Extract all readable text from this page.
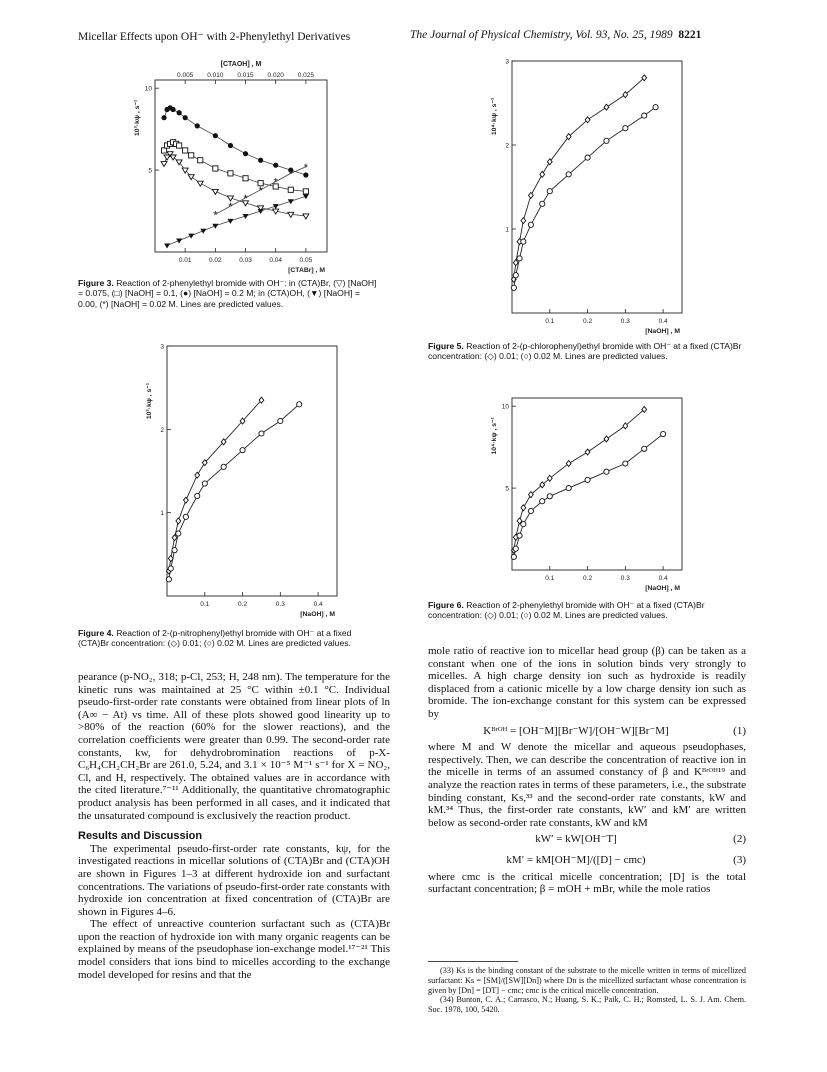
Micellar Effects upon OH⁻ with 2-Phenylethyl Derivatives	The Journal of Physical Chemistry, Vol. 93, No. 25, 1989 8221
0.01	0.02	0.03	0.04	0.05
5
10
0.005 0.010 0.015 0.020 0.025
[CTAOH] , M
[CTABr] , M
10³·kψ , s⁻¹
*
*
*
*
*
*
*
Figure 3. Reaction of 2-phenylethyl bromide with OH⁻: in (CTA)Br, (▽) [NaOH] = 0.075, (□) [NaOH] = 0.1, (●) [NaOH] = 0.2 M; in (CTA)OH, (▼) [NaOH] = 0.00, (*) [NaOH] = 0.02 M. Lines are predicted values.
0.1	0.2	0.3	0.4
1
2
3
[NaOH] , M
10³·kψ , s⁻¹
Figure 4. Reaction of 2-(p-nitrophenyl)ethyl bromide with OH⁻ at a fixed (CTA)Br concentration: (◇) 0.01; (○) 0.02 M. Lines are predicted values.
0.1	0.2	0.3	0.4
1
2
3
[NaOH] , M
10⁴·kψ , s⁻¹
Figure 5. Reaction of 2-(p-chlorophenyl)ethyl bromide with OH⁻ at a fixed (CTA)Br concentration: (◇) 0.01; (○) 0.02 M. Lines are predicted values.
0.1	0.2	0.3	0.4
5
10
[NaOH] , M
10⁴·kψ , s⁻¹
Figure 6. Reaction of 2-phenylethyl bromide with OH⁻ at a fixed (CTA)Br concentration: (◇) 0.01; (○) 0.02 M. Lines are predicted values.

pearance (p-NO₂, 318; p-Cl, 253; H, 248 nm). The temperature for the kinetic runs was maintained at 25 °C within ±0.1 °C. Individual pseudo-first-order rate constants were obtained from linear plots of ln (A∞ − At) vs time. All of these plots showed good linearity up to >80% of the reaction (60% for the slower reactions), and the correlation coefficients were greater than 0.99. The second-order rate constants, kw, for dehydrobromination reactions of p-X-C₆H₄CH₂CH₂Br are 261.0, 5.24, and 3.1 × 10⁻⁵ M⁻¹ s⁻¹ for X = NO₂, Cl, and H, respectively. The obtained values are in accordance with the cited literature.⁷⁻¹¹ Additionally, the quantitative chromatographic product analysis has been performed in all cases, and it indicated that the unsaturated compound is exclusively the reaction product.

Results and Discussion

The experimental pseudo-first-order rate constants, kψ, for the investigated reactions in micellar solutions of (CTA)Br and (CTA)OH are shown in Figures 1–3 at different hydroxide ion and surfactant concentrations. The variations of pseudo-first-order rate constants with hydroxide ion concentration at fixed concentration of (CTA)Br are shown in Figures 4–6.

The effect of unreactive counterion surfactant such as (CTA)Br upon the reaction of hydroxide ion with many organic reagents can be explained by means of the pseudophase ion-exchange model.¹⁷⁻²¹ This model considers that ions bind to micelles according to the exchange model developed for resins and that the

mole ratio of reactive ion to micellar head group (β) can be taken as a constant when one of the ions in solution binds very strongly to micelles. A high charge density ion such as hydroxide is readily displaced from a cationic micelle by a low charge density ion such as bromide. The ion-exchange constant for this system can be expressed by

Kᴮʳᴼᴴ = [OH⁻M][Br⁻W]/[OH⁻W][Br⁻M]	(1)

where M and W denote the micellar and aqueous pseudophases, respectively. Then, we can describe the concentration of reactive ion in the micelle in terms of an assumed constancy of β and Kᴮʳᴼᴴ¹⁹ and analyze the reaction rates in terms of these parameters, i.e., the substrate binding constant, Ks,³³ and the second-order rate constants, kW and kM.³⁴ Thus, the first-order rate constants, kW′ and kM′ are written below as second-order rate constants, kW and kM

kW′ = kW[OH⁻T]	(2)
kM′ = kM[OH⁻M]/([D] − cmc)	(3)

where cmc is the critical micelle concentration; [D] is the total surfactant concentration; β = mOH + mBr, while the mole ratios

(33) Ks is the binding constant of the substrate to the micelle written in terms of micellized surfactant: Ks = [SM]/([SW][Dn]) where Dn is the micellized surfactant whose concentration is given by [Dn] = [DT] − cmc; cmc is the critical micelle concentration.
(34) Bunton, C. A.; Carrasco, N.; Huang, S. K.; Paik, C. H.; Romsted, L. S. J. Am. Chem. Soc. 1978, 100, 5420.
